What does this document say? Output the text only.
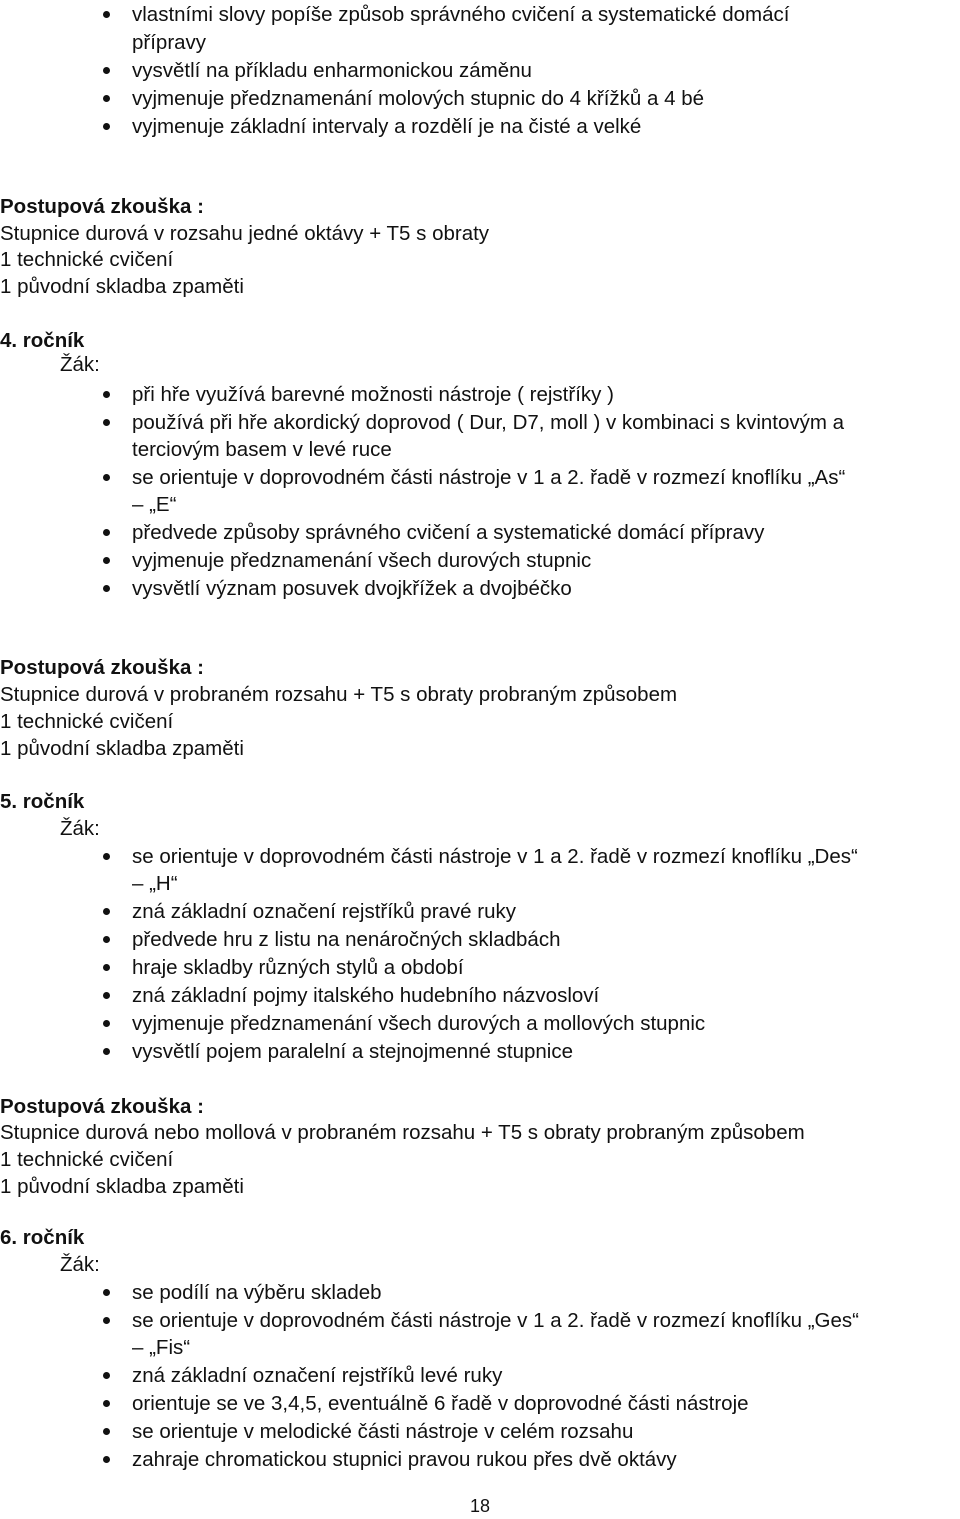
vlastními slovy popíše způsob správného cvičení a systematické domácí
přípravy
vysvětlí na příkladu enharmonickou záměnu
vyjmenuje předznamenání molových stupnic do 4 křížků a 4 bé
vyjmenuje základní intervaly a rozdělí je na čisté a velké
Postupová zkouška :
Stupnice durová v rozsahu jedné oktávy + T5 s obraty
1 technické cvičení
1 původní skladba zpaměti
4. ročník
Žák:
při hře využívá barevné možnosti nástroje ( rejstříky )
používá při hře akordický doprovod ( Dur, D7, moll ) v kombinaci s kvintovým a
terciovým basem v levé ruce
se orientuje v doprovodném části nástroje v 1 a 2. řadě v rozmezí knoflíku „As“
– „E“
předvede způsoby správného cvičení a systematické domácí přípravy
vyjmenuje předznamenání všech durových stupnic
vysvětlí význam posuvek dvojkřížek a dvojbéčko
Postupová zkouška :
Stupnice durová v probraném rozsahu + T5 s obraty probraným způsobem
1 technické cvičení
1 původní skladba zpaměti
5. ročník
Žák:
se orientuje v doprovodném části nástroje v 1 a 2. řadě v rozmezí knoflíku „Des“
– „H“
zná základní označení rejstříků pravé ruky
předvede hru z listu na nenáročných skladbách
hraje skladby různých stylů a období
zná základní pojmy italského hudebního názvosloví
vyjmenuje předznamenání všech durových a mollových stupnic
vysvětlí pojem paralelní a stejnojmenné stupnice
Postupová zkouška :
Stupnice durová nebo mollová v probraném rozsahu + T5 s obraty probraným způsobem
1 technické cvičení
1 původní skladba zpaměti
6. ročník
Žák:
se podílí na výběru skladeb
se orientuje v doprovodném části nástroje v 1 a 2. řadě v rozmezí knoflíku „Ges“
– „Fis“
zná základní označení rejstříků levé ruky
orientuje se ve 3,4,5, eventuálně 6 řadě v doprovodné části nástroje
se orientuje v melodické části nástroje v celém rozsahu
zahraje chromatickou stupnici pravou rukou přes dvě oktávy
18
